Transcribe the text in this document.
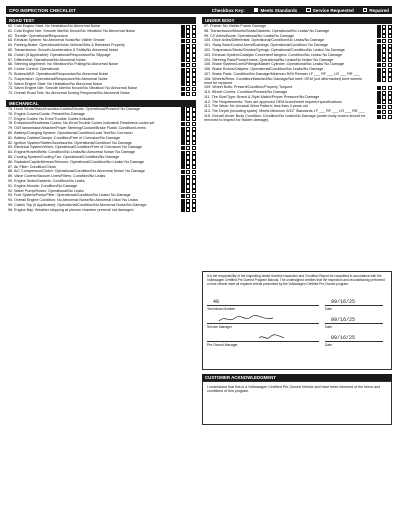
CPO INSPECTION CHECKLIST	Checkbox Key:	Meets Standards	Service Requested	Repaired
ROAD TEST
60. Cold Engine Start: No Hesitation/No Abnormal Noise
61. Cold Engine Idle: Smooth Idle/No Knock/No Vibration/ No Abnormal Noise
62. Throttle: Operational/Responsive
63. Exhaust System: No Abnormal Noise/No Visible Smoke
64. Parking Brake: Operational/Holds Vehicle/Sets & Releases Properly
65. Transmission: Smooth Acceleration & Shifts/No Abnormal Noise
66. Clutch (If Applicable): Operational/Responsive/No Slippage
67. Differential: Operational/No Abnormal Noise
68. Steering Alignment: No Vibration/No Pulling/No Abnormal Noise
69. Cruise Control: Operational
70. Brakes/ABS: Operational/Responsive/No Abnormal Noise
71. Suspension: Operational/Responsive/No Abnormal Noise
72. Warm Engine Start: No Hesitation/No Abnormal Noise
73. Warm Engine Idle: Smooth Idle/No Knock/No Vibration/ No Abnormal Noise
74. Overall Road Test: No Abnormal Driving Response/No Abnormal Noise
MECHANICAL
75. Hood Struts/Stand/Insulator/Labels/Decals: Operational/Present/ No Damage
76. Engine Covers/Cowls: Present/No Damage
77. Engine Codes: No Error/Trouble Codes Indicated
78. Emissions/Readiness Codes: No Error/Trouble Codes Indicated/ Readiness codes set
79. Oil/Transmission/Washer/Power Steering/Coolant/Brake Fluids: Condition/Levels
80. Battery/Charging System: Operational/Condition/Load Test/No Corrosion
81. Battery Cables/Clamps: Condition/Free of Corrosion/No Damage
82. Ignition System/Starter/Accessories: Operational/Condition/ No Damage
83. Electrical System/Wires: Operational/Condition/Free of Corrosion/ No Damage
84. Engine/Hoses/Belts: Condition/No Leaks/No Abnormal Noise/ No Damage
85. Cooling System/Cooling Fan: Operational/Condition/No Damage
86. Radiator/Cap/Antifreeze/Sensors: Operational/Condition/No Leaks/ No Damage
87. Air Filter: Condition/Clean
88. A/C Compressor/Clutch: Operational/Condition/No Abnormal Noise/ No Damage
89. Valve Covers/Vacuum Lines/Filters: Condition/No Leaks
90. Engine Seals/Gaskets: Condition/No Leaks
91. Engine Mounts: Condition/No Damage
92. Water Pump/Hoses: Operational/No Leaks
93. Fuel System/Pump/Filter: Operational/Condition/No Leaks/ No Damage
94. Overall Engine Condition: No Abnormal Noise/No Abnormal Odor/ No Leaks
95. Cabrio Top (If Applicable): Operational/Condition/No Abnormal Noise/No Damage
96. Engine Bay: Weather stripping at plenum chamber present/ not damaged
UNDER BODY
97. Frame: No Visible Frame Damage
98. Transmission/Mounts/Seals/Gaskets: Operational/No Leaks/ No Damage
99. CV Axles/Boots: Operational/No Leaks/No Damage
100. Drive Axles/Differential: Operational/Condition/No Leaks/No Damage
101. Sway Bars/Control Arms/Bushings: Operational/Condition/ No Damage
102. Suspension/Struts/Shocks/Springs: Operational/Condition/No Leaks/ No Damage
103. Exhaust System/Catalytic Converter/Hangers: Condition/No Leaks/ No Damage
104. Steering Rack/Pump/Hoses: Operational/No Leaks/No Noise/ No Damage
105. Brake System/Lines/Fittings/Master Cylinder: Operational/No Leaks/ No Damage
106. Brake Rotors/Calipers: Operational/Condition/No Leaks/No Damage
107. Brake Pads: Condition/No Damage/Minimum 50% Remain LF ___ RF ___ LR ___ RR ___
108. Wheels/Rims: Condition/Matched/No Damage/Not bent; OEM (not aftermarket) bent wheels must be replaced
109. Wheel Bolts: Present/Condition/Properly Torqued
110. Wheel Covers: Condition/Present/No Damage
111. Tire Size/Type: Brand & Style Match/Proper Pressure/No Damage
112. Tire Requirements: Tires are approved OEM brand/meet required specifications
113. Tire Wear: No Unusual Wear Pattern; less than 4 years old
114. Tire Depth (including spare): Meets Minimum 5/32" Standards LF ___ RF ___ LR ___ RR ___
115. Overall Under Body Condition: Condition/No Leaks/No Damage (under-body covers should be removed to inspect for hidden damage).
It is the responsibility of the inspecting dealer that this Inspection and Condition Report be completed in accordance with the Volkswagen Certified Pre-Owned Program Manual. The undersigned certifies that the inspection and reconditioning performed on this vehicle meet all required criteria prescribed by the Volkswagen Certified Pre-Owned program.
48	09/16/25
Technician Number	Date
09/16/25
Service Manager	Date
09/16/25
Pre-Owned Manager	Date
CUSTOMER ACKNOWLEDGMENT
I understand that this is a Volkswagen Certified Pre-Owned Vehicle and have been informed of the terms and conditions of this program.
